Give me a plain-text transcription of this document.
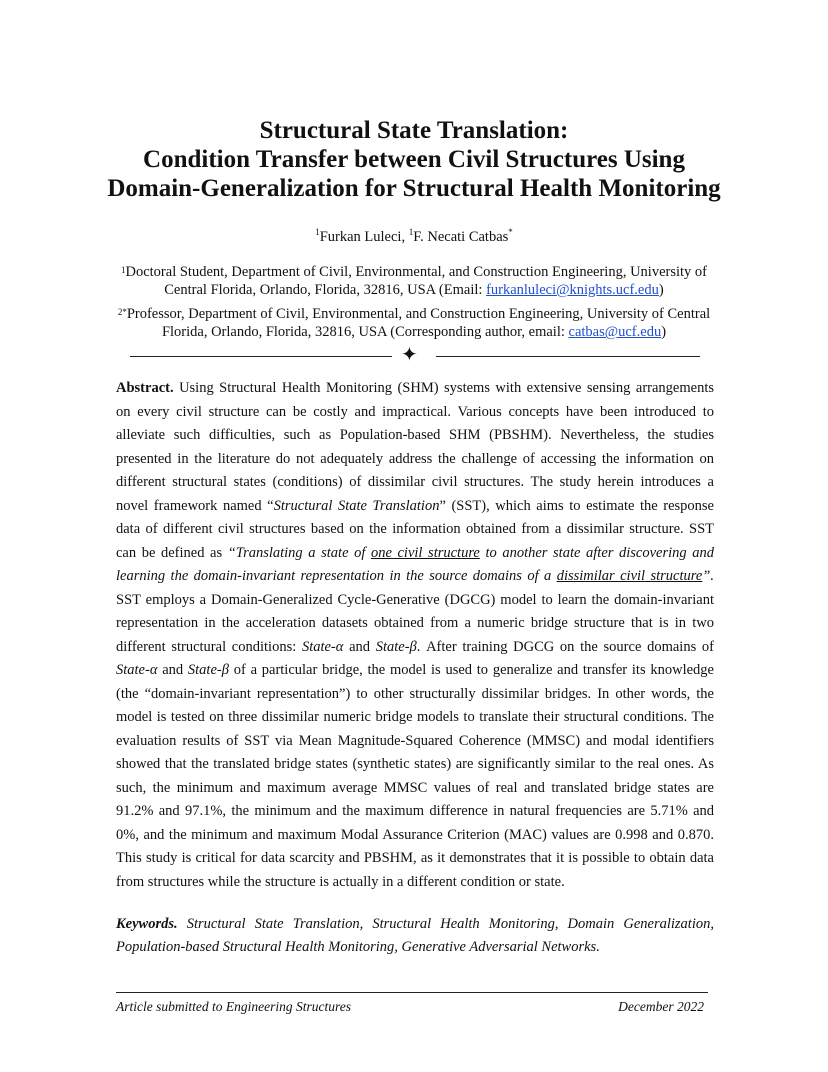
Structural State Translation:
Condition Transfer between Civil Structures Using
Domain-Generalization for Structural Health Monitoring
$^1$Furkan Luleci, $^1$F. Necati Catbas*
$^1$Doctoral Student, Department of Civil, Environmental, and Construction Engineering, University of
Central Florida, Orlando, Florida, 32816, USA (Email: furkanluleci@knights.ucf.edu)
$^{2*}$Professor, Department of Civil, Environmental, and Construction Engineering, University of Central
Florida, Orlando, Florida, 32816, USA (Corresponding author, email: catbas@ucf.edu)
✦
Abstract. Using Structural Health Monitoring (SHM) systems with extensive sensing arrangements
on every civil structure can be costly and impractical. Various concepts have been introduced to
alleviate such difficulties, such as Population-based SHM (PBSHM). Nevertheless, the studies
presented in the literature do not adequately address the challenge of accessing the information on
different structural states (conditions) of dissimilar civil structures. The study herein introduces a
novel framework named “Structural State Translation” (SST), which aims to estimate the response
data of different civil structures based on the information obtained from a dissimilar structure. SST
can be defined as “Translating a state of one civil structure to another state after discovering and
learning the domain-invariant representation in the source domains of a dissimilar civil structure”.
SST employs a Domain-Generalized Cycle-Generative (DGCG) model to learn the domain-invariant
representation in the acceleration datasets obtained from a numeric bridge structure that is in two
different structural conditions: State-α and State-β. After training DGCG on the source domains of
State-α and State-β of a particular bridge, the model is used to generalize and transfer its knowledge
(the “domain-invariant representation”) to other structurally dissimilar bridges. In other words, the
model is tested on three dissimilar numeric bridge models to translate their structural conditions. The
evaluation results of SST via Mean Magnitude-Squared Coherence (MMSC) and modal identifiers
showed that the translated bridge states (synthetic states) are significantly similar to the real ones. As
such, the minimum and maximum average MMSC values of real and translated bridge states are
91.2% and 97.1%, the minimum and the maximum difference in natural frequencies are 5.71% and
0%, and the minimum and maximum Modal Assurance Criterion (MAC) values are 0.998 and 0.870.
This study is critical for data scarcity and PBSHM, as it demonstrates that it is possible to obtain data
from structures while the structure is actually in a different condition or state.
Keywords. Structural State Translation, Structural Health Monitoring, Domain Generalization,
Population-based Structural Health Monitoring, Generative Adversarial Networks.
Article submitted to Engineering Structures	December 2022
